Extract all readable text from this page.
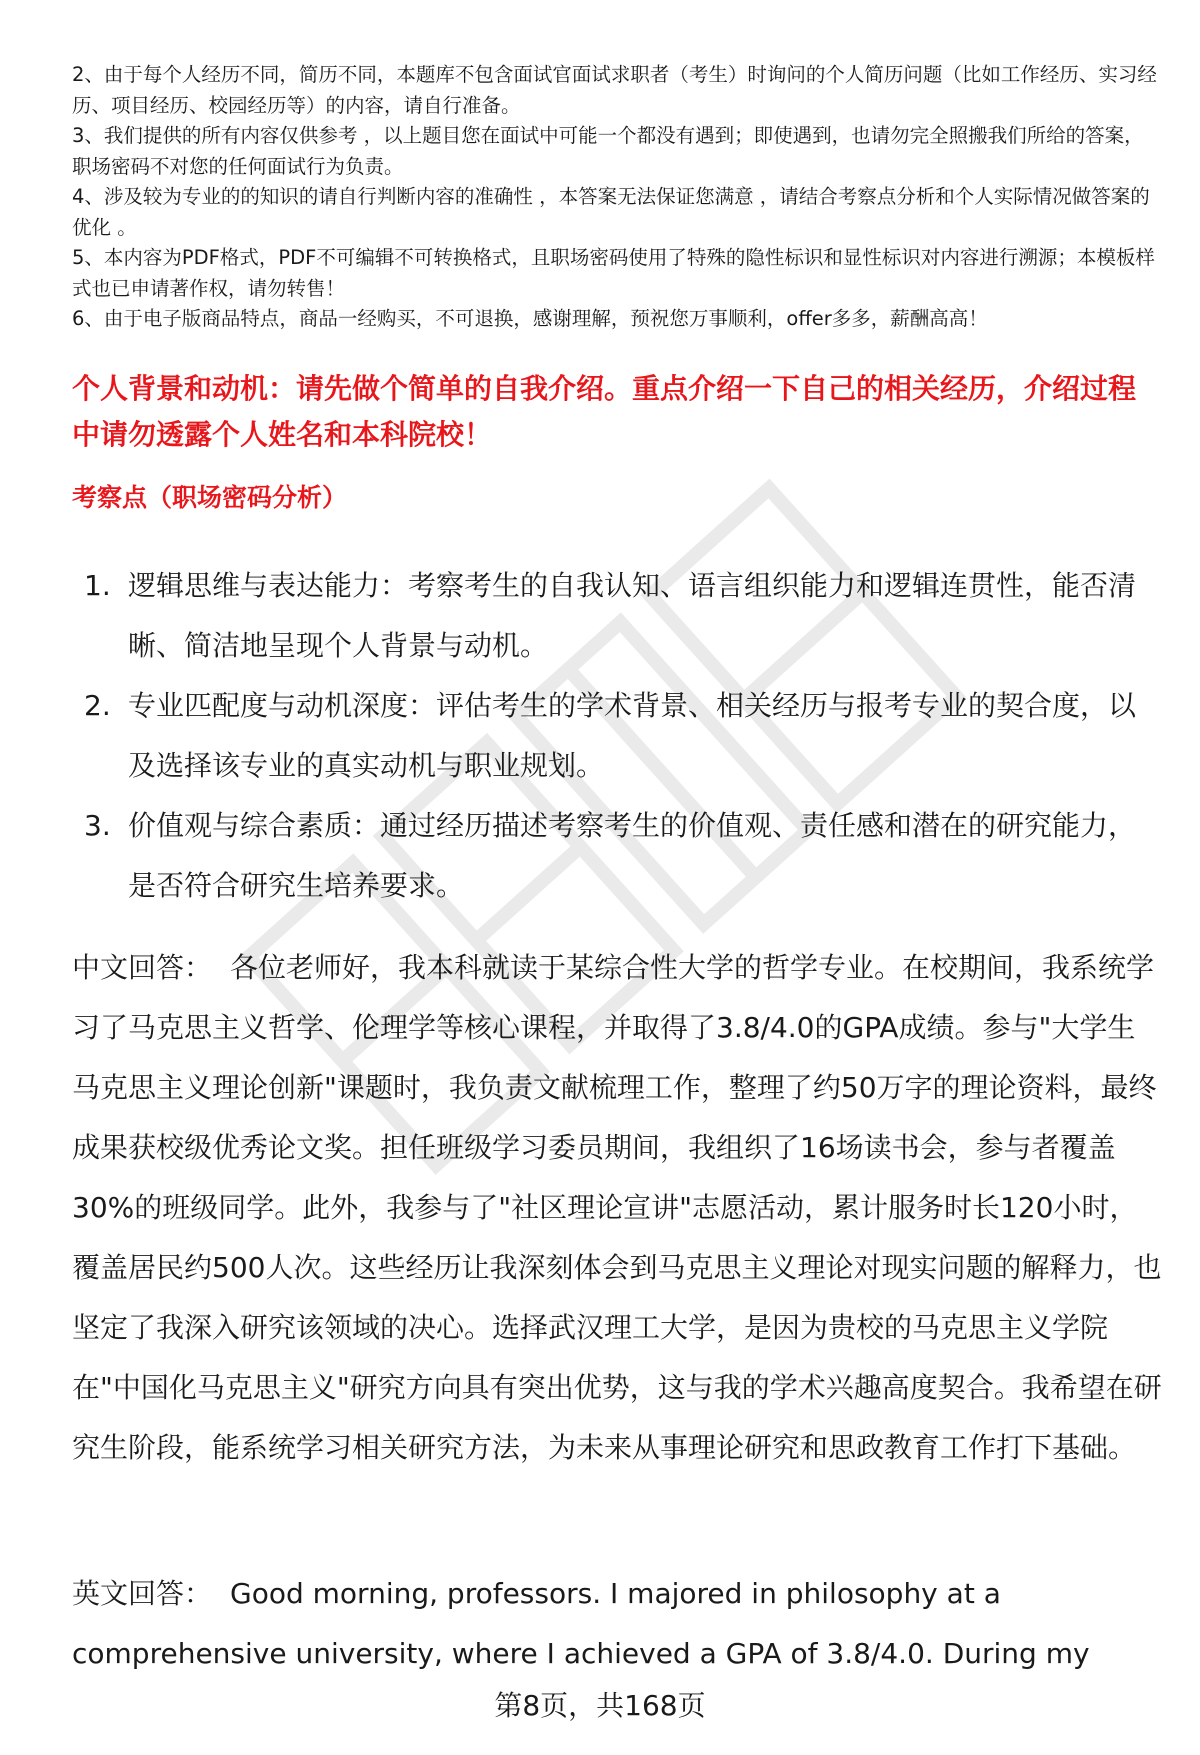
2、由于每个人经历不同，简历不同，本题库不包含面试官面试求职者（考生）时询问的个人简历问题（比如工作经历、实习经历、项目经历、校园经历等）的内容，请自行准备。

3、我们提供的所有内容仅供参考 ，以上题目您在面试中可能一个都没有遇到；即使遇到，也请勿完全照搬我们所给的答案，职场密码不对您的任何面试行为负责。

4、涉及较为专业的的知识的请自行判断内容的准确性 ，本答案无法保证您满意 ，请结合考察点分析和个人实际情况做答案的优化 。

5、本内容为PDF格式，PDF不可编辑不可转换格式，且职场密码使用了特殊的隐性标识和显性标识对内容进行溯源；本模板样式也已申请著作权，请勿转售！

6、由于电子版商品特点，商品一经购买，不可退换，感谢理解，预祝您万事顺利，offer多多，薪酬高高！

个人背景和动机：请先做个简单的自我介绍。重点介绍一下自己的相关经历，介绍过程中请勿透露个人姓名和本科院校！

考察点（职场密码分析）

1. 逻辑思维与表达能力：考察考生的自我认知、语言组织能力和逻辑连贯性，能否清晰、简洁地呈现个人背景与动机。
2. 专业匹配度与动机深度：评估考生的学术背景、相关经历与报考专业的契合度，以及选择该专业的真实动机与职业规划。
3. 价值观与综合素质：通过经历描述考察考生的价值观、责任感和潜在的研究能力，是否符合研究生培养要求。

中文回答： 各位老师好，我本科就读于某综合性大学的哲学专业。在校期间，我系统学习了马克思主义哲学、伦理学等核心课程，并取得了3.8/4.0的GPA成绩。参与"大学生马克思主义理论创新"课题时，我负责文献梳理工作，整理了约50万字的理论资料，最终成果获校级优秀论文奖。担任班级学习委员期间，我组织了16场读书会，参与者覆盖30%的班级同学。此外，我参与了"社区理论宣讲"志愿活动，累计服务时长120小时，覆盖居民约500人次。这些经历让我深刻体会到马克思主义理论对现实问题的解释力，也坚定了我深入研究该领域的决心。选择武汉理工大学，是因为贵校的马克思主义学院在"中国化马克思主义"研究方向具有突出优势，这与我的学术兴趣高度契合。我希望在研究生阶段，能系统学习相关研究方法，为未来从事理论研究和思政教育工作打下基础。

英文回答： Good morning, professors. I majored in philosophy at a comprehensive university, where I achieved a GPA of 3.8/4.0. During my

第8页，共168页
